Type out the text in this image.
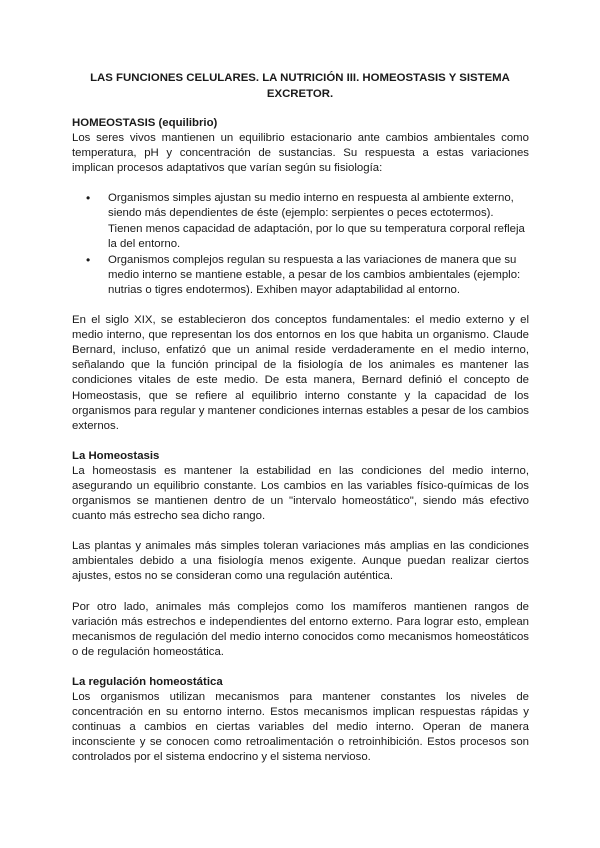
LAS FUNCIONES CELULARES. LA NUTRICIÓN III. HOMEOSTASIS Y SISTEMA EXCRETOR.
HOMEOSTASIS (equilibrio)

Los seres vivos mantienen un equilibrio estacionario ante cambios ambientales como temperatura, pH y concentración de sustancias. Su respuesta a estas variaciones implican procesos adaptativos que varían según su fisiología:

• Organismos simples ajustan su medio interno en respuesta al ambiente externo, siendo más dependientes de éste (ejemplo: serpientes o peces ectotermos). Tienen menos capacidad de adaptación, por lo que su temperatura corporal refleja la del entorno.
• Organismos complejos regulan su respuesta a las variaciones de manera que su medio interno se mantiene estable, a pesar de los cambios ambientales (ejemplo: nutrias o tigres endotermos). Exhiben mayor adaptabilidad al entorno.

En el siglo XIX, se establecieron dos conceptos fundamentales: el medio externo y el medio interno, que representan los dos entornos en los que habita un organismo. Claude Bernard, incluso, enfatizó que un animal reside verdaderamente en el medio interno, señalando que la función principal de la fisiología de los animales es mantener las condiciones vitales de este medio. De esta manera, Bernard definió el concepto de Homeostasis, que se refiere al equilibrio interno constante y la capacidad de los organismos para regular y mantener condiciones internas estables a pesar de los cambios externos.

La Homeostasis

La homeostasis es mantener la estabilidad en las condiciones del medio interno, asegurando un equilibrio constante. Los cambios en las variables físico-químicas de los organismos se mantienen dentro de un "intervalo homeostático", siendo más efectivo cuanto más estrecho sea dicho rango.

Las plantas y animales más simples toleran variaciones más amplias en las condiciones ambientales debido a una fisiología menos exigente. Aunque puedan realizar ciertos ajustes, estos no se consideran como una regulación auténtica.

Por otro lado, animales más complejos como los mamíferos mantienen rangos de variación más estrechos e independientes del entorno externo. Para lograr esto, emplean mecanismos de regulación del medio interno conocidos como mecanismos homeostáticos o de regulación homeostática.

La regulación homeostática

Los organismos utilizan mecanismos para mantener constantes los niveles de concentración en su entorno interno. Estos mecanismos implican respuestas rápidas y continuas a cambios en ciertas variables del medio interno. Operan de manera inconsciente y se conocen como retroalimentación o retroinhibición. Estos procesos son controlados por el sistema endocrino y el sistema nervioso.
